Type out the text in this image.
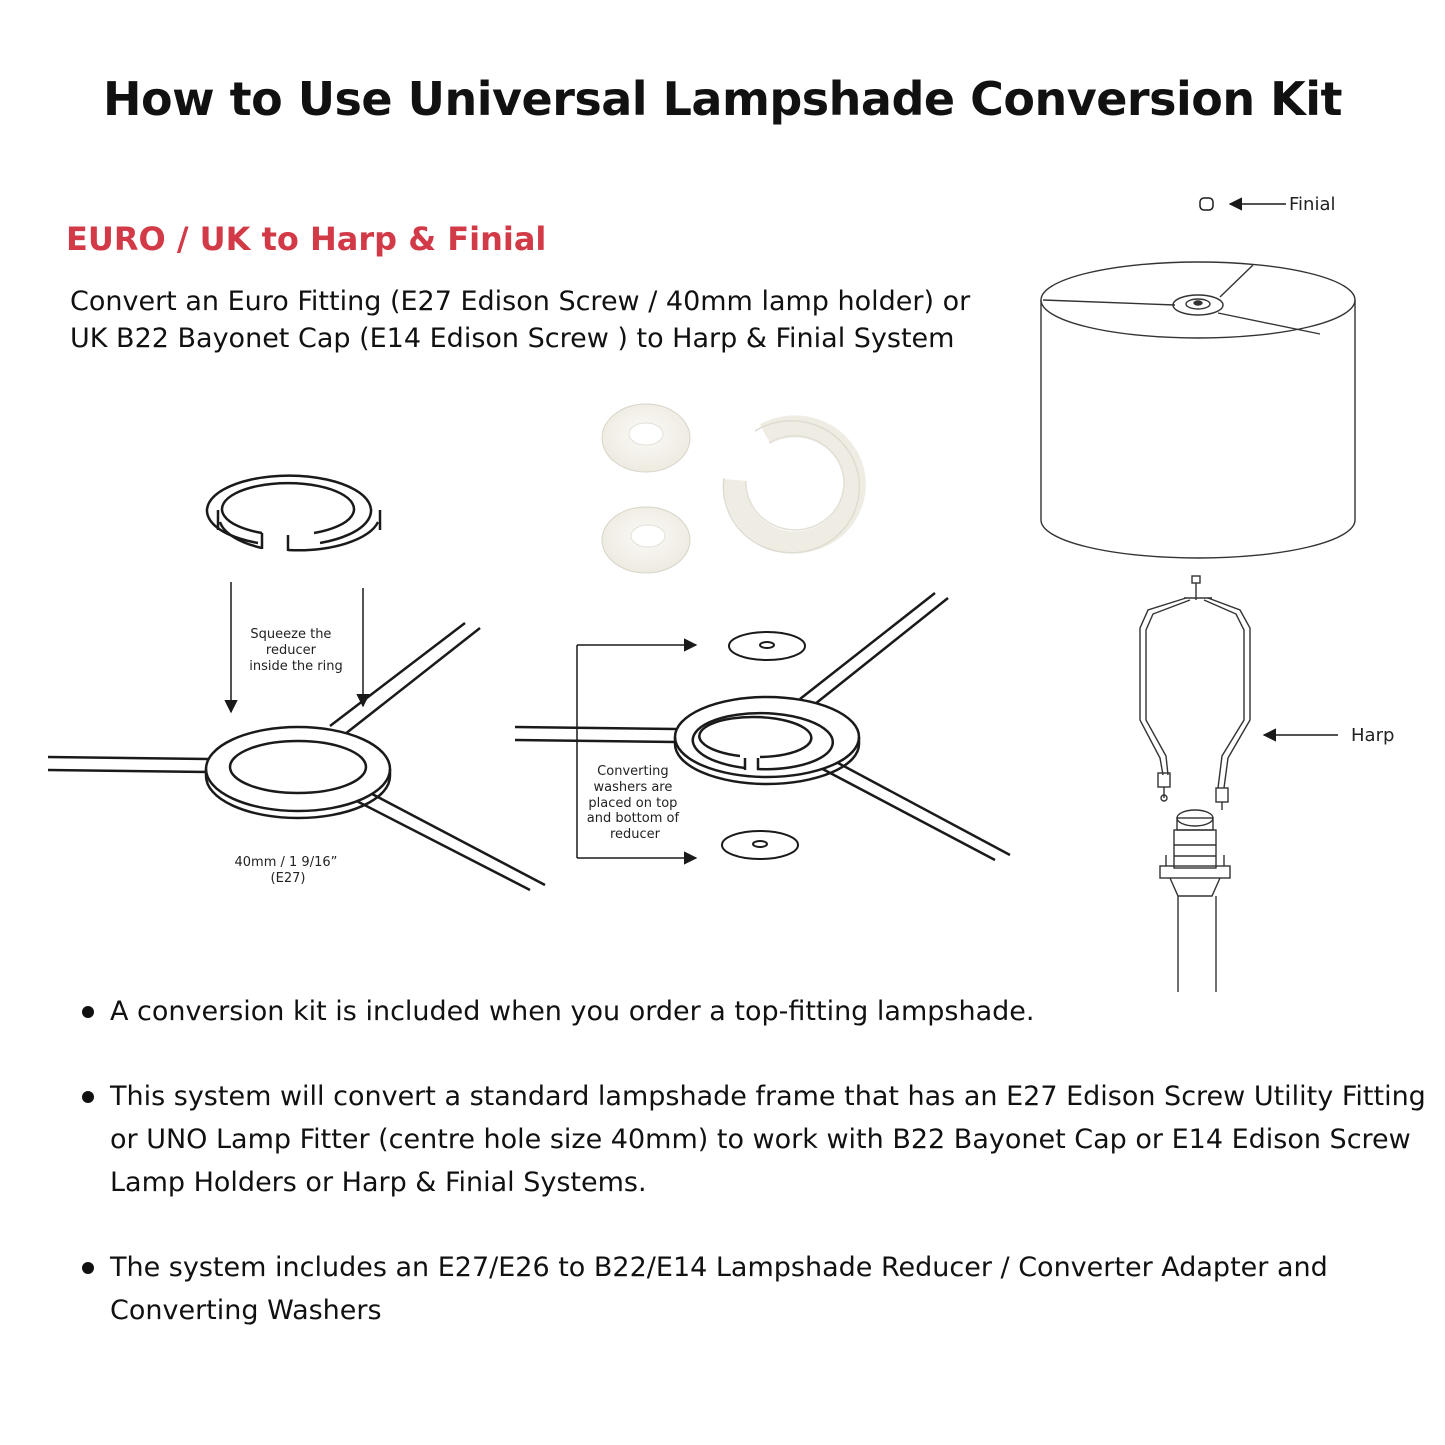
How to Use Universal Lampshade Conversion Kit
EURO / UK to Harp & Finial
Convert an Euro Fitting (E27 Edison Screw / 40mm lamp holder) or
UK B22 Bayonet Cap (E14 Edison Screw ) to Harp & Finial System
Squeeze the reducer inside the ring
40mm / 1 9/16” (E27)
Converting washers are placed on top and bottom of reducer
Finial
Harp
A conversion kit is included when you order a top-fitting lampshade.
This system will convert a standard lampshade frame that has an E27 Edison Screw Utility Fitting or UNO Lamp Fitter (centre hole size 40mm) to work with B22 Bayonet Cap or E14 Edison Screw Lamp Holders or Harp & Finial Systems.
The system includes an E27/E26 to B22/E14 Lampshade Reducer / Converter Adapter and Converting Washers
